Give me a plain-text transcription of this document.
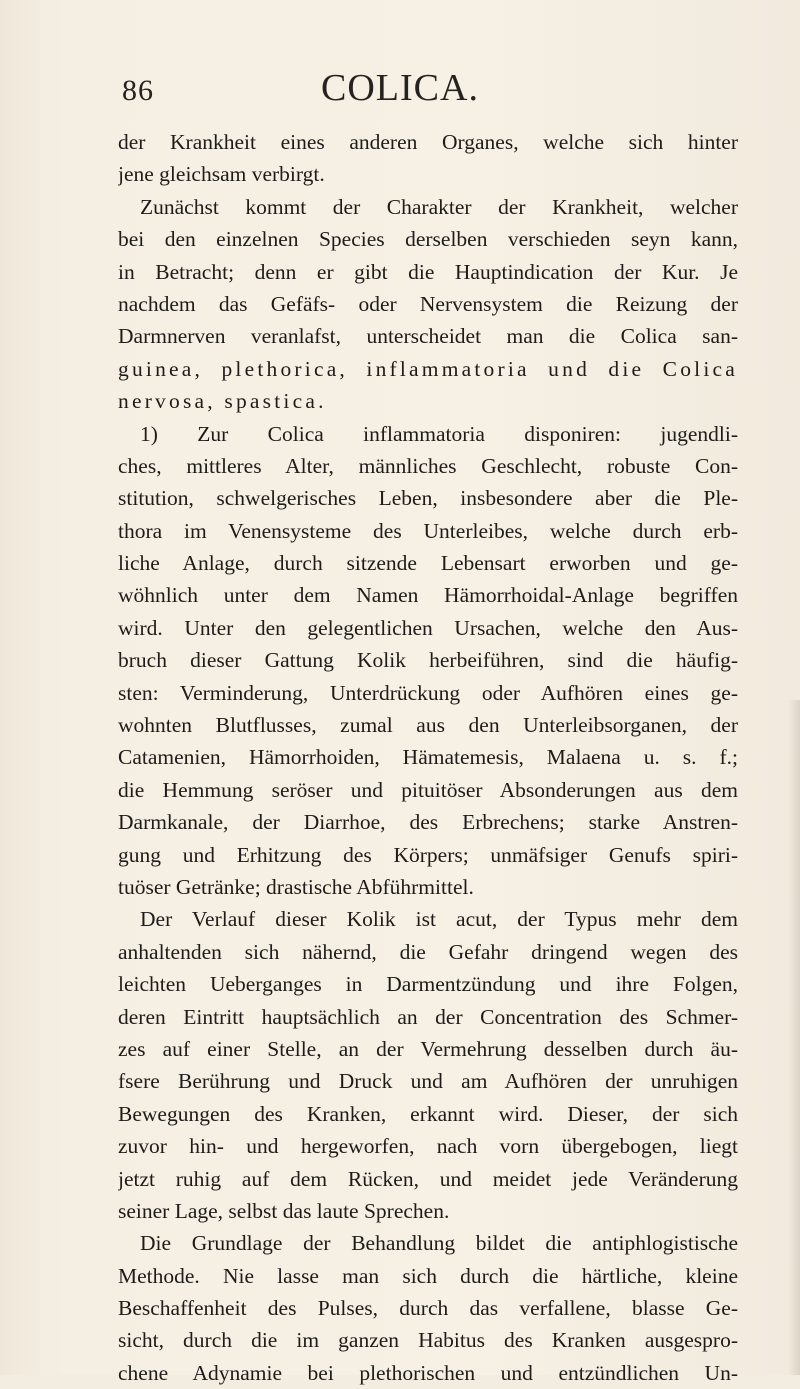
86	COLICA.
der Krankheit eines anderen Organes, welche sich hinter
jene gleichsam verbirgt.
Zunächst kommt der Charakter der Krankheit, welcher
bei den einzelnen Species derselben verschieden seyn kann,
in Betracht; denn er gibt die Hauptindication der Kur. Je
nachdem das Gefäfs- oder Nervensystem die Reizung der
Darmnerven veranlafst, unterscheidet man die Colica san-
guinea, plethorica, inflammatoria und die Colica
nervosa, spastica.
1) Zur Colica inflammatoria disponiren: jugendli-
ches, mittleres Alter, männliches Geschlecht, robuste Con-
stitution, schwelgerisches Leben, insbesondere aber die Ple-
thora im Venensysteme des Unterleibes, welche durch erb-
liche Anlage, durch sitzende Lebensart erworben und ge-
wöhnlich unter dem Namen Hämorrhoidal-Anlage begriffen
wird. Unter den gelegentlichen Ursachen, welche den Aus-
bruch dieser Gattung Kolik herbeiführen, sind die häufig-
sten: Verminderung, Unterdrückung oder Aufhören eines ge-
wohnten Blutflusses, zumal aus den Unterleibsorganen, der
Catamenien, Hämorrhoiden, Hämatemesis, Malaena u. s. f.;
die Hemmung seröser und pituitöser Absonderungen aus dem
Darmkanale, der Diarrhoe, des Erbrechens; starke Anstren-
gung und Erhitzung des Körpers; unmäfsiger Genufs spiri-
tuöser Getränke; drastische Abführmittel.
Der Verlauf dieser Kolik ist acut, der Typus mehr dem
anhaltenden sich nähernd, die Gefahr dringend wegen des
leichten Ueberganges in Darmentzündung und ihre Folgen,
deren Eintritt hauptsächlich an der Concentration des Schmer-
zes auf einer Stelle, an der Vermehrung desselben durch äu-
fsere Berührung und Druck und am Aufhören der unruhigen
Bewegungen des Kranken, erkannt wird. Dieser, der sich
zuvor hin- und hergeworfen, nach vorn übergebogen, liegt
jetzt ruhig auf dem Rücken, und meidet jede Veränderung
seiner Lage, selbst das laute Sprechen.
Die Grundlage der Behandlung bildet die antiphlogistische
Methode. Nie lasse man sich durch die härtliche, kleine
Beschaffenheit des Pulses, durch das verfallene, blasse Ge-
sicht, durch die im ganzen Habitus des Kranken ausgespro-
chene Adynamie bei plethorischen und entzündlichen Un-
